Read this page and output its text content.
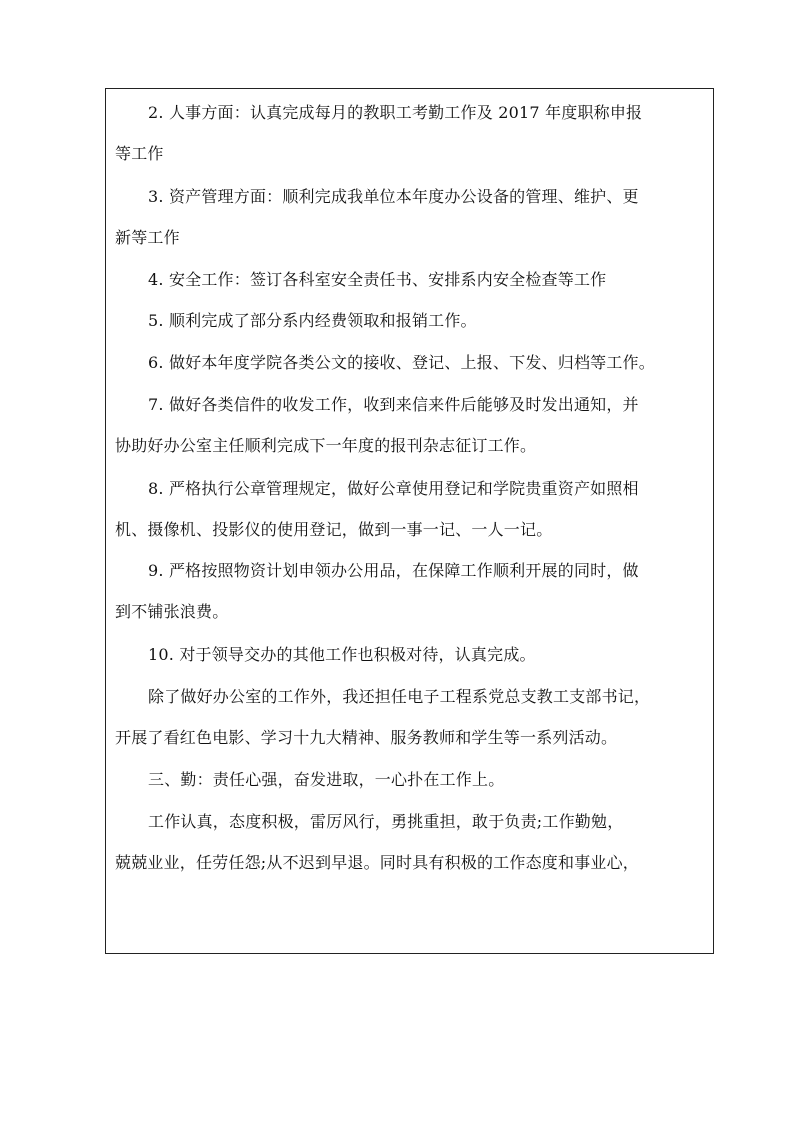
2. 人事方面：认真完成每月的教职工考勤工作及 2017 年度职称申报
等工作
3. 资产管理方面：顺利完成我单位本年度办公设备的管理、维护、更
新等工作
4. 安全工作：签订各科室安全责任书、安排系内安全检查等工作
5. 顺利完成了部分系内经费领取和报销工作。
6. 做好本年度学院各类公文的接收、登记、上报、下发、归档等工作。
7. 做好各类信件的收发工作，收到来信来件后能够及时发出通知，并
协助好办公室主任顺利完成下一年度的报刊杂志征订工作。
8. 严格执行公章管理规定，做好公章使用登记和学院贵重资产如照相
机、摄像机、投影仪的使用登记，做到一事一记、一人一记。
9. 严格按照物资计划申领办公用品，在保障工作顺利开展的同时，做
到不铺张浪费。
10. 对于领导交办的其他工作也积极对待，认真完成。
除了做好办公室的工作外，我还担任电子工程系党总支教工支部书记，
开展了看红色电影、学习十九大精神、服务教师和学生等一系列活动。
三、勤：责任心强，奋发进取，一心扑在工作上。
工作认真，态度积极，雷厉风行，勇挑重担，敢于负责;工作勤勉，
兢兢业业，任劳任怨;从不迟到早退。同时具有积极的工作态度和事业心，
